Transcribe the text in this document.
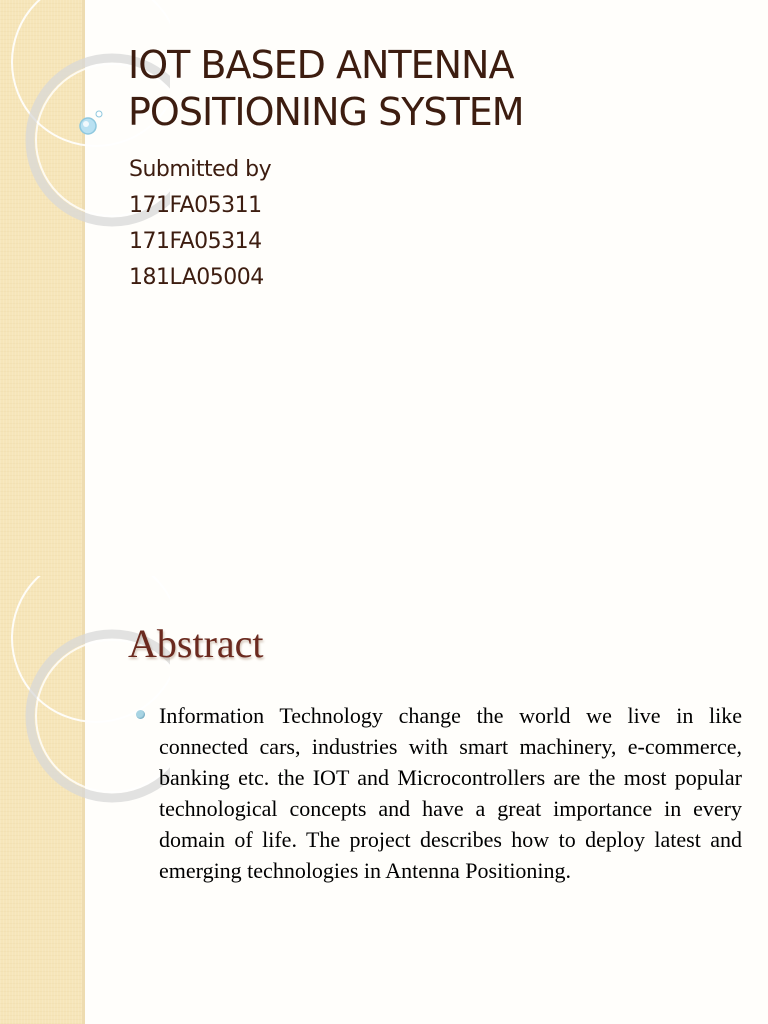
IOT BASED ANTENNA POSITIONING SYSTEM
Submitted by
171FA05311
171FA05314
181LA05004
Abstract
Information Technology change the world we live in like connected cars, industries with smart machinery, e-commerce, banking etc. the IOT and Microcontrollers are the most popular technological concepts and have a great importance in every domain of life. The project describes how to deploy latest and emerging technologies in Antenna Positioning.
